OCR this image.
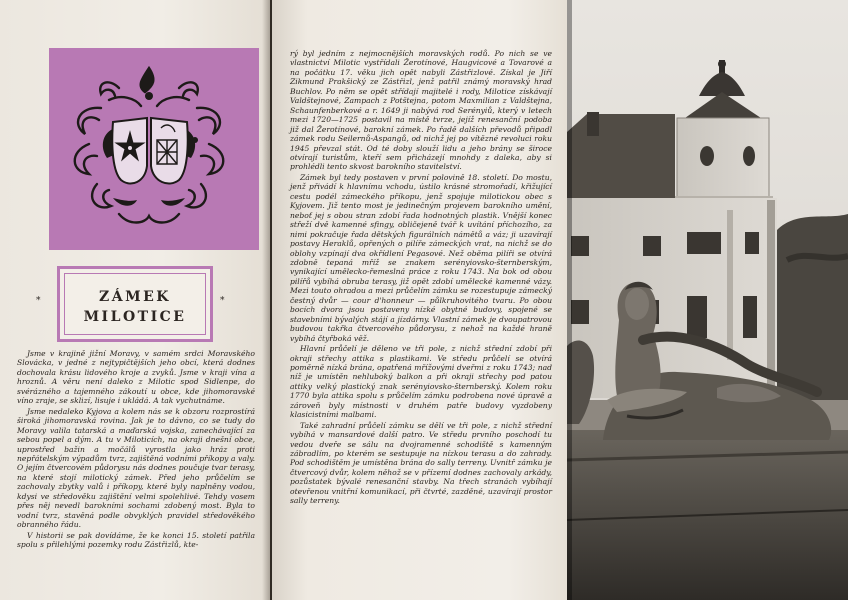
*	ZÁMEK
MILOTICE
*

Jsme v krajině jižní Moravy, v samém srdci Moravského Slovácka, v jedné z nejtypičtějších jeho obcí, která dodnes dochovala krásu lidového kroje a zvyků. Jsme v kraji vína a hroznů. A věru není daleko z Milotic spod Sidlenpe, do svérázného a tajemného zákoutí u obce, kde jihomoravské víno zraje, se sklizí, lisuje i ukládá. A tak vychutnáme.

Jsme nedaleko Kyjova a kolem nás se k obzoru rozprostírá široká jihomoravská rovina. Jak je to dávno, co se tudy do Moravy valila tatarská a maďarská vojska, zanechávající za sebou popel a dým. A tu v Miloticích, na okraji dnešní obce, uprostřed bažin a močálů vyrostla jako hráz proti nepřátelským výpadům tvrz, zajištěná vodními příkopy a valy. O jejím čtvercovém půdorysu nás dodnes poučuje tvar terasy, na které stojí milotický zámek. Před jeho průčelím se zachovaly zbytky valů i příkopy, které byly naplněny vodou, kdysi ve středověku zajištění velmi spolehlivé. Tehdy vosem přes něj nevedl barokními sochami zdobený most. Byla to vodní tvrz, stavěná podle obvyklých pravidel středověkého obranného řádu.

V historii se pak dovídáme, že ke konci 15. století patřila spolu s přilehlými pozemky rodu Zástřizlů, kte-

rý byl jedním z nejmocnějších moravských rodů. Po nich se ve vlastnictví Milotic vystřídali Žerotínové, Haugvicové a Tovarové a na počátku 17. věku jich opět nabyli Zástřizlové. Získal je Jiří Zikmund Prakšický ze Zástřizl, jenž patřil známý moravský hrad Buchlov. Po něm se opět střídají majitelé i rody, Milotice získávají Valdštejnové, Zampach z Potštejna, potom Maxmilian z Valdštejna, Schaunfenberkové a r. 1649 ji nabývá rod Serényiů, který v letech mezi 1720—1725 postavil na místě tvrze, jejíž renesanční podoba již dal Žerotínové, barokní zámek. Po řadě dalších převodů připadl zámek rodu Seilernů-Aspangů, od nichž jej po vítězné revoluci roku 1945 převzal stát. Od té doby slouží lidu a jeho brány se široce otvírají turistům, kteří sem přicházejí mnohdy z daleka, aby si prohlédli tento skvost barokního stavitelství.

Zámek byl tedy postaven v první polovině 18. století. Do mostu, jenž přivádí k hlavnímu vchodu, ústilo krásné stromořadí, křižující cestu podél zámeckého příkopu, jenž spojuje milotickou obec s Kyjovem. Již tento most je jedinečným projevem barokního umění, neboť jej s obou stran zdobí řada hodnotných plastik. Vnější konec střeží dvě kamenné sfingy, obličejeně tvář k uvítání příchozího, za nimi pokračuje řada dětských figurálních námětů a váz; ji uzavírají postavy Heraklů, opřených o pilíře zámeckých vrat, na nichž se do oblohy vzpínají dva okřídlení Pegasové. Než oběma pilíři se otvírá zdobně tepaná mříž se znakem serényiovsko-šternberským, vynikající umělecko-řemeslná práce z roku 1743. Na bok od obou pilířů vybíhá obruba terasy, již opět zdobí umělecké kamenné vázy. Mezi touto ohradou a mezi průčelím zámku se rozestupuje zámecký čestný dvůr — cour d'honneur — půlkruhovitého tvaru. Po obou bocích dvora jsou postaveny nízké obytné budovy, spojené se stavebními bývalých stájí a jízdárny. Vlastní zámek je dvoupatrovou budovou takřka čtvercového půdorysu, z nehož na každé hraně vybíhá čtyřboká věž.

Hlavní průčelí je děleno ve tři pole, z nichž střední zdobí při okraji střechy attika s plastikami. Ve středu průčelí se otvírá poměrně nízká brána, opatřená mřížovými dveřmi z roku 1743; nad níž je umístěn nehluboký balkon a při okraji střechy pod patou attiky velký plastický znak serényiovsko-šternberský. Kolem roku 1770 byla attika spolu s průčelím zámku podrobena nové úpravě a zároveň byly místnosti v druhém patře budovy vyzdobeny klasicistními malbami.

Také zahradní průčelí zámku se dělí ve tři pole, z nichž střední vybíhá v mansardové další patro. Ve středu prvního poschodí tu vedou dveře se sálu na dvojramenné schodiště s kamenným zábradlím, po kterém se sestupuje na nízkou terasu a do zahrady. Pod schodištěm je umístěna brána do sally terreny. Uvnitř zámku je čtvercový dvůr, kolem něhož se v přízemí dodnes zachovaly arkády, pozůstatek bývalé renesanční stavby. Na třech stranách vybíhají otevřenou vnitřní komunikací, při čtvrté, zazděné, uzavírají prostor sally terreny.
